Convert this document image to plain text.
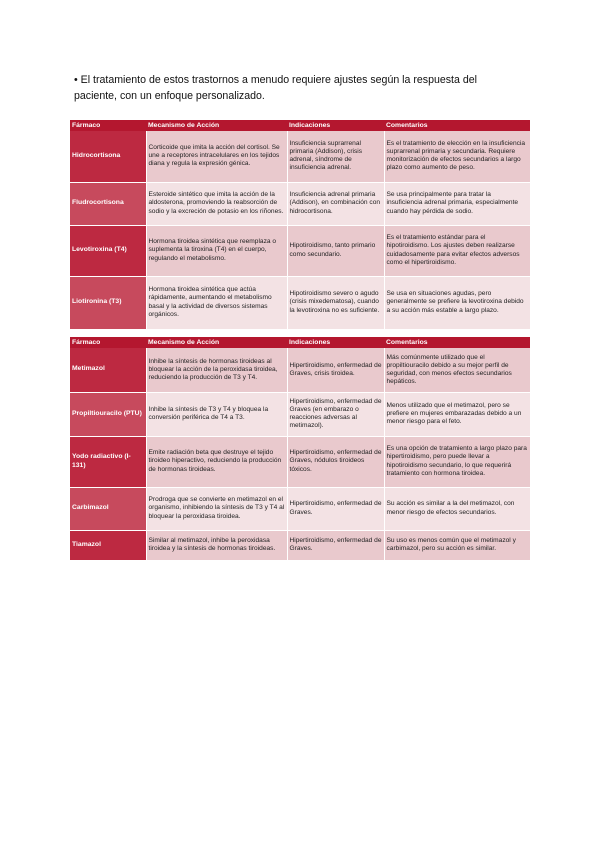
• El tratamiento de estos trastornos a menudo requiere ajustes según la respuesta del paciente, con un enfoque personalizado.
Fármaco	Mecanismo de Acción	Indicaciones	Comentarios
Hidrocortisona	Corticoide que imita la acción del cortisol. Se une a receptores intracelulares en los tejidos diana y regula la expresión génica.	Insuficiencia suprarrenal primaria (Addison), crisis adrenal, síndrome de insuficiencia adrenal.	Es el tratamiento de elección en la insuficiencia suprarrenal primaria y secundaria. Requiere monitorización de efectos secundarios a largo plazo como aumento de peso.
Fludrocortisona	Esteroide sintético que imita la acción de la aldosterona, promoviendo la reabsorción de sodio y la excreción de potasio en los riñones.	Insuficiencia adrenal primaria (Addison), en combinación con hidrocortisona.	Se usa principalmente para tratar la insuficiencia adrenal primaria, especialmente cuando hay pérdida de sodio.
Levotiroxina (T4)	Hormona tiroidea sintética que reemplaza o suplementa la tiroxina (T4) en el cuerpo, regulando el metabolismo.	Hipotiroidismo, tanto primario como secundario.	Es el tratamiento estándar para el hipotiroidismo. Los ajustes deben realizarse cuidadosamente para evitar efectos adversos como el hipertiroidismo.
Liotironina (T3)	Hormona tiroidea sintética que actúa rápidamente, aumentando el metabolismo basal y la actividad de diversos sistemas orgánicos.	Hipotiroidismo severo o agudo (crisis mixedematosa), cuando la levotiroxina no es suficiente.	Se usa en situaciones agudas, pero generalmente se prefiere la levotiroxina debido a su acción más estable a largo plazo.
Fármaco	Mecanismo de Acción	Indicaciones	Comentarios
Metimazol	Inhibe la síntesis de hormonas tiroideas al bloquear la acción de la peroxidasa tiroidea, reduciendo la producción de T3 y T4.	Hipertiroidismo, enfermedad de Graves, crisis tiroidea.	Más comúnmente utilizado que el propiltiouracilo debido a su mejor perfil de seguridad, con menos efectos secundarios hepáticos.
Propiltiouracilo (PTU)	Inhibe la síntesis de T3 y T4 y bloquea la conversión periférica de T4 a T3.	Hipertiroidismo, enfermedad de Graves (en embarazo o reacciones adversas al metimazol).	Menos utilizado que el metimazol, pero se prefiere en mujeres embarazadas debido a un menor riesgo para el feto.
Yodo radiactivo (I-131)	Emite radiación beta que destruye el tejido tiroideo hiperactivo, reduciendo la producción de hormonas tiroideas.	Hipertiroidismo, enfermedad de Graves, nódulos tiroideos tóxicos.	Es una opción de tratamiento a largo plazo para hipertiroidismo, pero puede llevar a hipotiroidismo secundario, lo que requerirá tratamiento con hormona tiroidea.
Carbimazol	Prodroga que se convierte en metimazol en el organismo, inhibiendo la síntesis de T3 y T4 al bloquear la peroxidasa tiroidea.	Hipertiroidismo, enfermedad de Graves.	Su acción es similar a la del metimazol, con menor riesgo de efectos secundarios.
Tiamazol	Similar al metimazol, inhibe la peroxidasa tiroidea y la síntesis de hormonas tiroideas.	Hipertiroidismo, enfermedad de Graves.	Su uso es menos común que el metimazol y carbimazol, pero su acción es similar.
